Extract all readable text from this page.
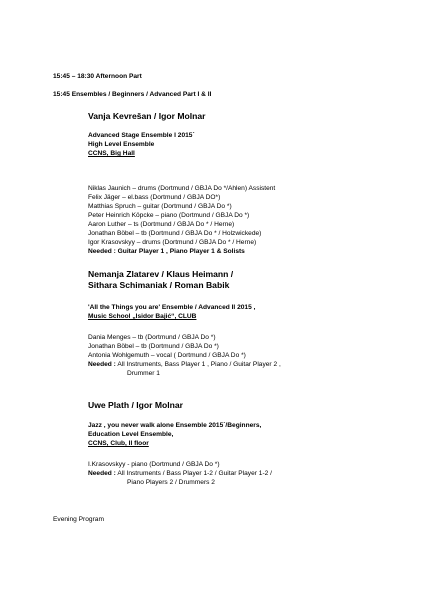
15:45 – 18:30 Afternoon Part
15:45 Ensembles / Beginners / Advanced Part I & II
Vanja Kevrešan / Igor Molnar
Advanced Stage Ensemble I 2015´
High Level Ensemble
CCNS, Big Hall
Niklas Jaunich – drums (Dortmund / GBJA Do */Ahlen) Assistent
Felix Jäger – el.bass (Dortmund / GBJA DO*)
Matthias Spruch – guitar (Dortmund / GBJA Do *)
Peter Heinrich Köpcke – piano (Dortmund / GBJA Do *)
Aaron Luther – ts (Dortmund / GBJA Do * / Herne)
Jonathan Böbel – tb (Dortmund / GBJA Do * / Holzwickede)
Igor Krasovskyy – drums (Dortmund / GBJA Do * / Herne)
Needed : Guitar Player 1 , Piano Player 1 & Solists
Nemanja Zlatarev / Klaus Heimann /
Sithara Schimaniak / Roman Babik
'All the Things you are' Ensemble / Advanced II 2015 ,
Music School „Isidor Bajić“, CLUB
Dania Menges – tb (Dortmund / GBJA Do *)
Jonathan Böbel – tb (Dortmund / GBJA Do *)
Antonia Wohlgemuth – vocal ( Dortmund / GBJA Do *)
Needed : All Instruments, Bass Player 1 , Piano / Guitar Player 2 ,
Drummer 1
Uwe Plath / Igor Molnar
Jazz , you never walk alone Ensemble 2015´/Beginners,
Education Level Ensemble,
CCNS, Club, II floor
I.Krasovskyy - piano (Dortmund / GBJA Do *)
Needed : All Instruments / Bass Player 1-2 / Guitar Player 1-2 /
Piano Players 2 / Drummers 2
Evening Program
